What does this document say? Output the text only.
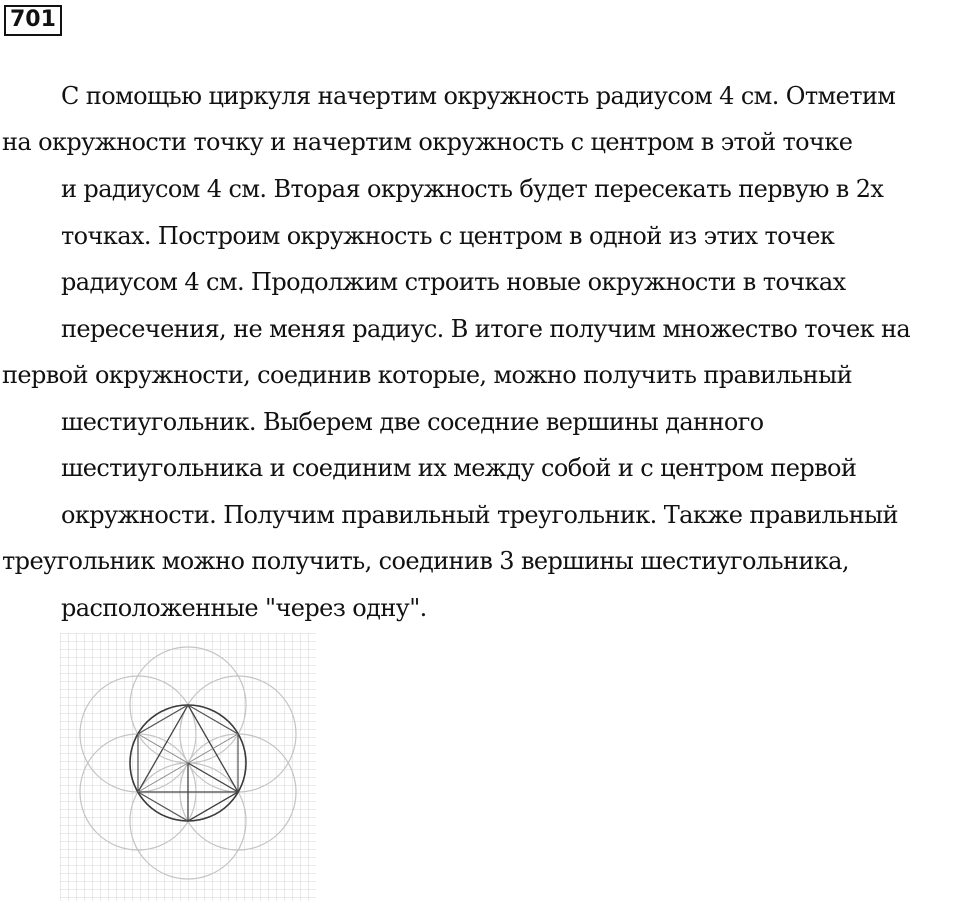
701
С помощью циркуля начертим окружность радиусом 4 см. Отметим
на окружности точку и начертим окружность с центром в этой точке
и радиусом 4 см. Вторая окружность будет пересекать первую в 2х
точках. Построим окружность с центром в одной из этих точек
радиусом 4 см. Продолжим строить новые окружности в точках
пересечения, не меняя радиус. В итоге получим множество точек на
первой окружности, соединив которые, можно получить правильный
шестиугольник. Выберем две соседние вершины данного
шестиугольника и соединим их между собой и с центром первой
окружности. Получим правильный треугольник. Также правильный
треугольник можно получить, соединив 3 вершины шестиугольника,
расположенные "через одну".
